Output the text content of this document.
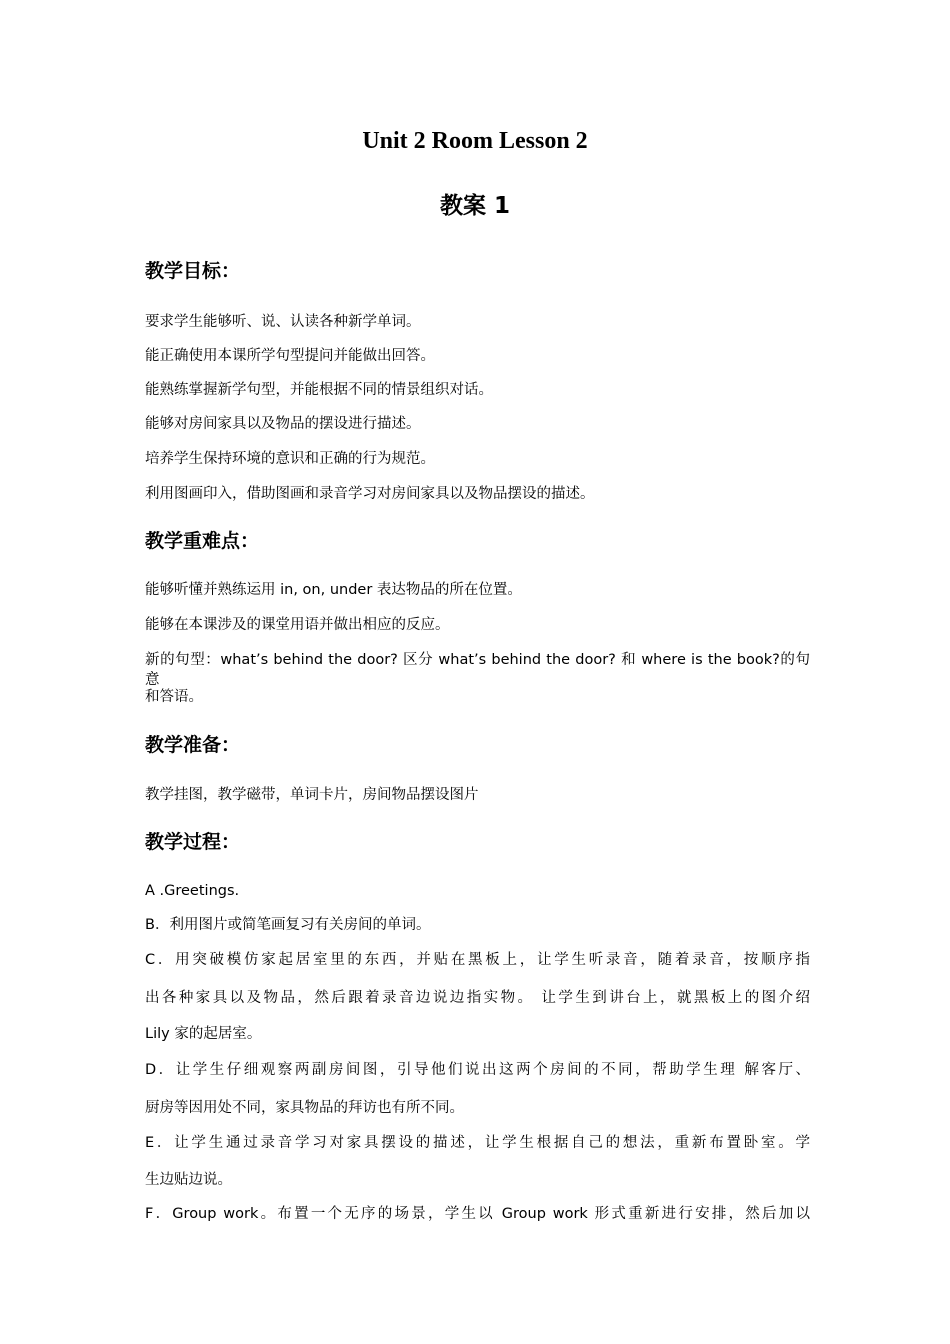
Unit 2 Room Lesson 2
教案 1
教学目标：
要求学生能够听、说、认读各种新学单词。
能正确使用本课所学句型提问并能做出回答。
能熟练掌握新学句型，并能根据不同的情景组织对话。
能够对房间家具以及物品的摆设进行描述。
培养学生保持环境的意识和正确的行为规范。
利用图画印入，借助图画和录音学习对房间家具以及物品摆设的描述。
教学重难点：
能够听懂并熟练运用 in, on, under 表达物品的所在位置。
能够在本课涉及的课堂用语并做出相应的反应。
新的句型：what’s behind the door? 区分 what’s behind the door? 和 where is the book?的句意
和答语。
教学准备：
教学挂图，教学磁带，单词卡片，房间物品摆设图片
教学过程：
A .Greetings.
B．利用图片或简笔画复习有关房间的单词。
C．用突破模仿家起居室里的东西，并贴在黑板上，让学生听录音，随着录音，按顺序指
出各种家具以及物品，然后跟着录音边说边指实物。 让学生到讲台上，就黑板上的图介绍
Lily 家的起居室。
D．让学生仔细观察两副房间图，引导他们说出这两个房间的不同，帮助学生理 解客厅、
厨房等因用处不同，家具物品的拜访也有所不同。
E．让学生通过录音学习对家具摆设的描述，让学生根据自己的想法，重新布置卧室。学
生边贴边说。
F．Group work。布置一个无序的场景，学生以 Group work 形式重新进行安排，然后加以
